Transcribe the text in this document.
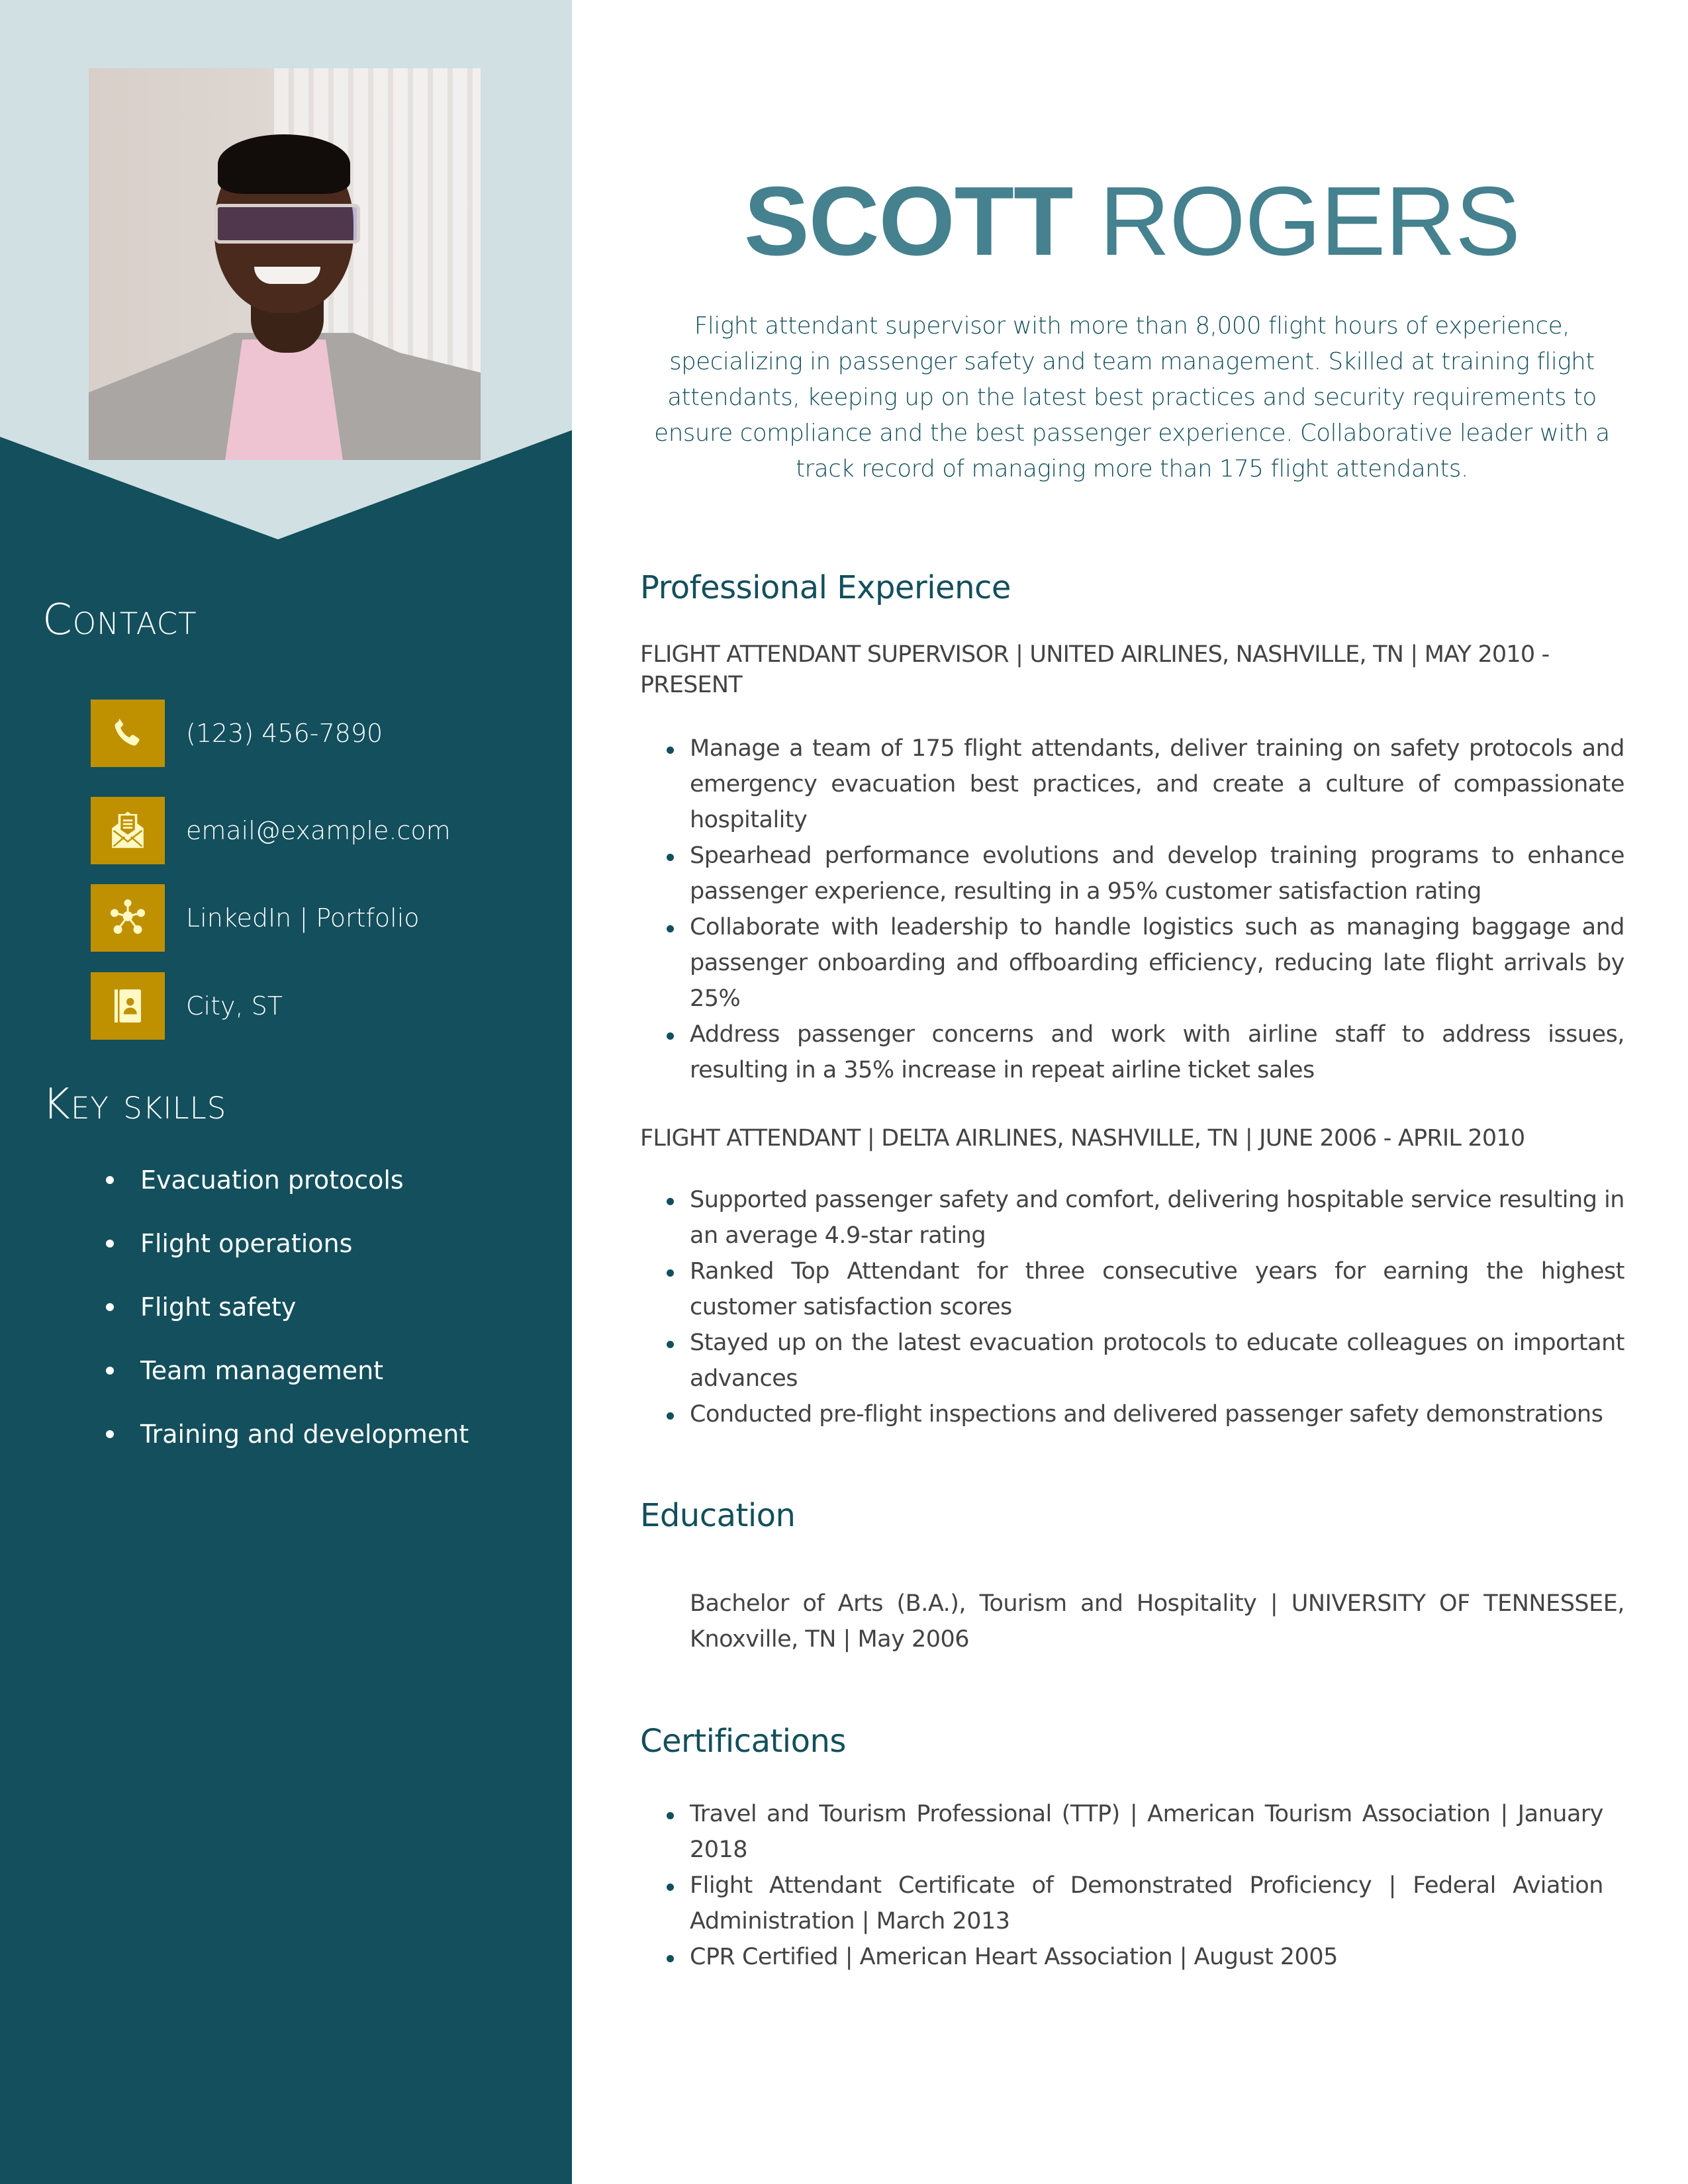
Contact
(123) 456-7890
email@example.com
LinkedIn | Portfolio
City, ST
Key skills
Evacuation protocols
Flight operations
Flight safety
Team management
Training and development
SCOTT ROGERS

Flight attendant supervisor with more than 8,000 flight hours of experience, specializing in passenger safety and team management. Skilled at training flight attendants, keeping up on the latest best practices and security requirements to ensure compliance and the best passenger experience. Collaborative leader with a track record of managing more than 175 flight attendants.

Professional Experience
FLIGHT ATTENDANT SUPERVISOR | UNITED AIRLINES, NASHVILLE, TN | MAY 2010 - PRESENT
Manage a team of 175 flight attendants, deliver training on safety protocols and emergency evacuation best practices, and create a culture of compassionate hospitality
Spearhead performance evolutions and develop training programs to enhance passenger experience, resulting in a 95% customer satisfaction rating
Collaborate with leadership to handle logistics such as managing baggage and passenger onboarding and offboarding efficiency, reducing late flight arrivals by 25%
Address passenger concerns and work with airline staff to address issues, resulting in a 35% increase in repeat airline ticket sales
FLIGHT ATTENDANT | DELTA AIRLINES, NASHVILLE, TN | JUNE 2006 - APRIL 2010
Supported passenger safety and comfort, delivering hospitable service resulting in an average 4.9-star rating
Ranked Top Attendant for three consecutive years for earning the highest customer satisfaction scores
Stayed up on the latest evacuation protocols to educate colleagues on important advances
Conducted pre-flight inspections and delivered passenger safety demonstrations
Education

Bachelor of Arts (B.A.), Tourism and Hospitality | UNIVERSITY OF TENNESSEE, Knoxville, TN | May 2006

Certifications
Travel and Tourism Professional (TTP) | American Tourism Association | January 2018
Flight Attendant Certificate of Demonstrated Proficiency | Federal Aviation Administration | March 2013
CPR Certified | American Heart Association | August 2005
